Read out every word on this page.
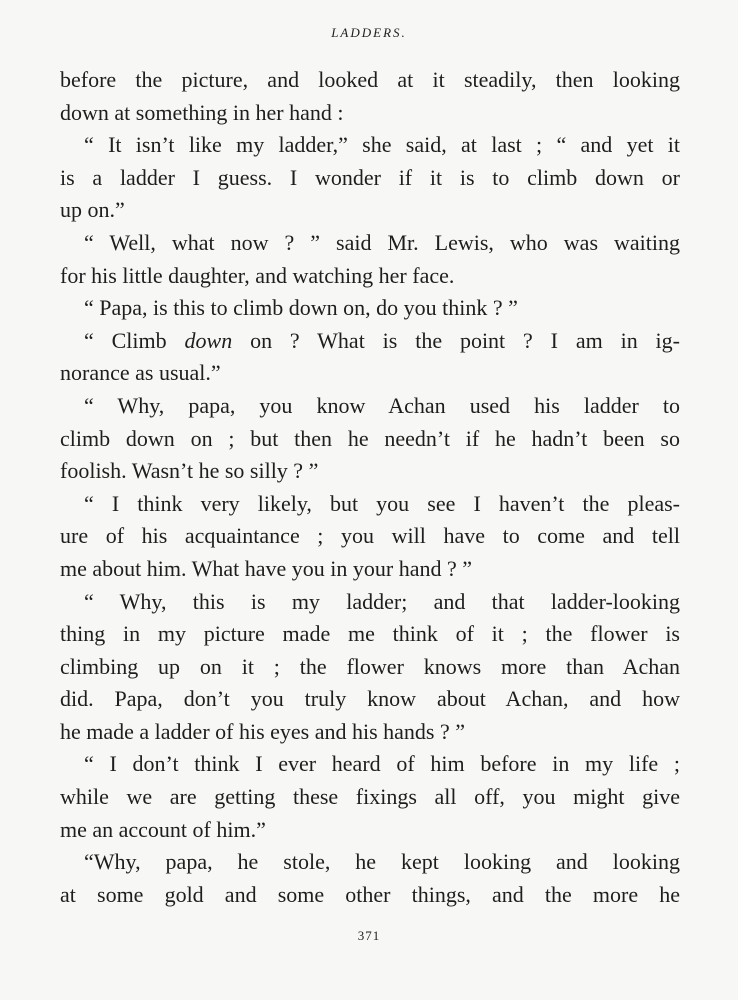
LADDERS.
before the picture, and looked at it steadily, then looking
down at something in her hand :
“ It isn’t like my ladder,” she said, at last ; “ and yet it
is a ladder I guess. I wonder if it is to climb down or
up on.”
“ Well, what now ? ” said Mr. Lewis, who was waiting
for his little daughter, and watching her face.
“ Papa, is this to climb down on, do you think ? ”
“ Climb down on ? What is the point ? I am in ig-
norance as usual.”
“ Why, papa, you know Achan used his ladder to
climb down on ; but then he needn’t if he hadn’t been so
foolish. Wasn’t he so silly ? ”
“ I think very likely, but you see I haven’t the pleas-
ure of his acquaintance ; you will have to come and tell
me about him. What have you in your hand ? ”
“ Why, this is my ladder; and that ladder-looking
thing in my picture made me think of it ; the flower is
climbing up on it ; the flower knows more than Achan
did. Papa, don’t you truly know about Achan, and how
he made a ladder of his eyes and his hands ? ”
“ I don’t think I ever heard of him before in my life ;
while we are getting these fixings all off, you might give
me an account of him.”
“Why, papa, he stole, he kept looking and looking
at some gold and some other things, and the more he
371
